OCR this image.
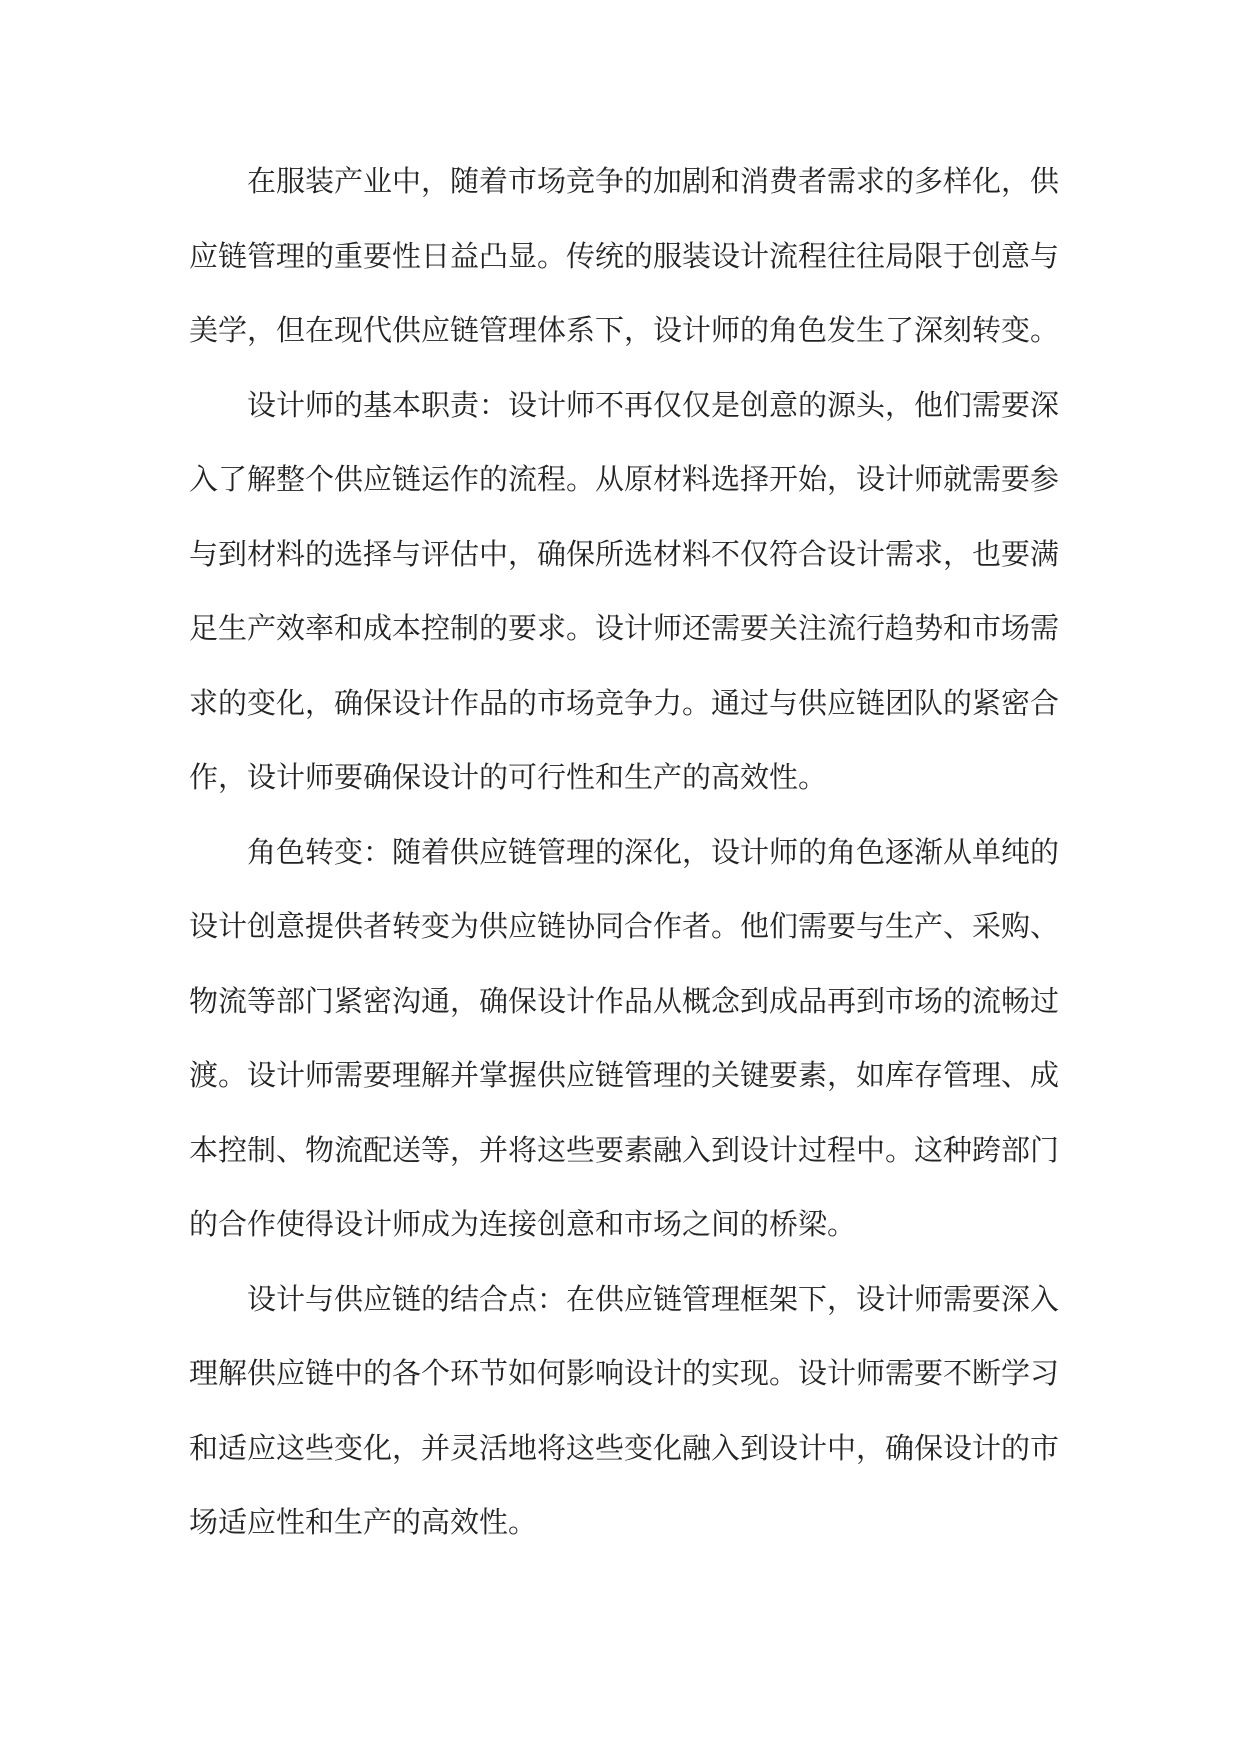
在服装产业中，随着市场竞争的加剧和消费者需求的多样化，供
应链管理的重要性日益凸显。传统的服装设计流程往往局限于创意与
美学，但在现代供应链管理体系下，设计师的角色发生了深刻转变。
设计师的基本职责：设计师不再仅仅是创意的源头，他们需要深
入了解整个供应链运作的流程。从原材料选择开始，设计师就需要参
与到材料的选择与评估中，确保所选材料不仅符合设计需求，也要满
足生产效率和成本控制的要求。设计师还需要关注流行趋势和市场需
求的变化，确保设计作品的市场竞争力。通过与供应链团队的紧密合
作，设计师要确保设计的可行性和生产的高效性。
角色转变：随着供应链管理的深化，设计师的角色逐渐从单纯的
设计创意提供者转变为供应链协同合作者。他们需要与生产、采购、
物流等部门紧密沟通，确保设计作品从概念到成品再到市场的流畅过
渡。设计师需要理解并掌握供应链管理的关键要素，如库存管理、成
本控制、物流配送等，并将这些要素融入到设计过程中。这种跨部门
的合作使得设计师成为连接创意和市场之间的桥梁。
设计与供应链的结合点：在供应链管理框架下，设计师需要深入
理解供应链中的各个环节如何影响设计的实现。设计师需要不断学习
和适应这些变化，并灵活地将这些变化融入到设计中，确保设计的市
场适应性和生产的高效性。
